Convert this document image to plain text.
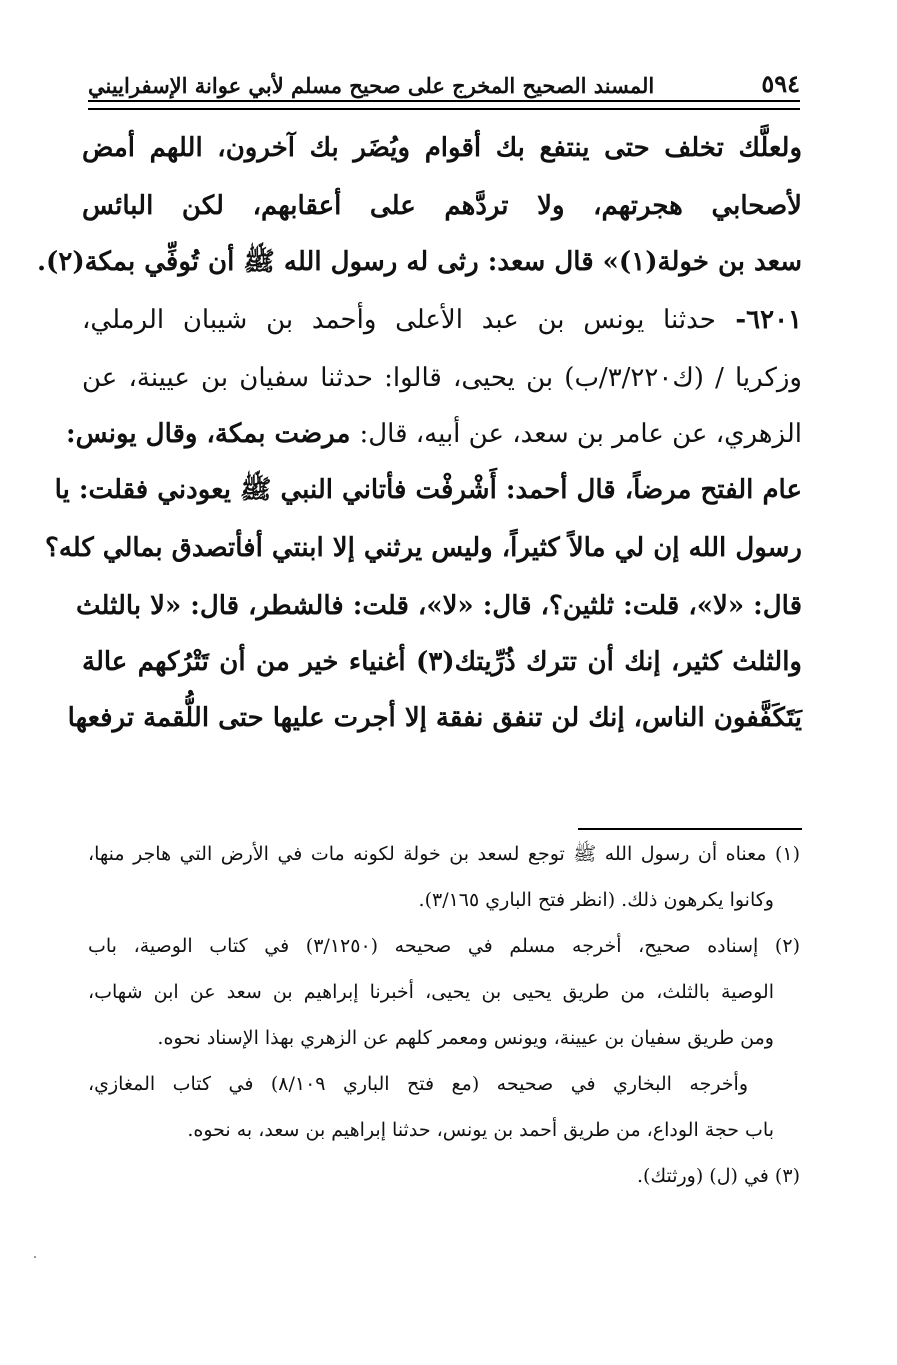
المسند الصحيح المخرج على صحيح مسلم لأبي عوانة الإسفراييني	٥٩٤
ولعلَّك تخلف حتى ينتفع بك أقوام ويُضَر بك آخرون، اللهم أمض
لأصحابي هجرتهم، ولا تردَّهم على أعقابهم، لكن البائس
سعد بن خولة(١)» قال سعد: رثى له رسول الله ﷺ أن تُوفِّي بمكة(٢).
٦٢٠١- حدثنا يونس بن عبد الأعلى وأحمد بن شيبان الرملي،
وزكريا / (ك٣/٢٢٠/ب) بن يحيى، قالوا: حدثنا سفيان بن عيينة، عن
الزهري، عن عامر بن سعد، عن أبيه، قال: مرضت بمكة، وقال يونس:
عام الفتح مرضاً، قال أحمد: أَشْرفْت فأتاني النبي ﷺ يعودني فقلت: يا
رسول الله إن لي مالاً كثيراً، وليس يرثني إلا ابنتي أفأتصدق بمالي كله؟
قال: «لا»، قلت: ثلثين؟، قال: «لا»، قلت: فالشطر، قال: «لا بالثلث
والثلث كثير، إنك أن تترك ذُرِّيتك(٣) أغنياء خير من أن تَتْرُكهم عالة
يَتَكَفَّفون الناس، إنك لن تنفق نفقة إلا أجرت عليها حتى اللُّقمة ترفعها
(١) معناه أن رسول الله ﷺ توجع لسعد بن خولة لكونه مات في الأرض التي هاجر منها،
وكانوا يكرهون ذلك. (انظر فتح الباري ٣/١٦٥).
(٢) إسناده صحيح، أخرجه مسلم في صحيحه (٣/١٢٥٠) في كتاب الوصية، باب
الوصية بالثلث، من طريق يحيى بن يحيى، أخبرنا إبراهيم بن سعد عن ابن شهاب،
ومن طريق سفيان بن عيينة، ويونس ومعمر كلهم عن الزهري بهذا الإسناد نحوه.
وأخرجه البخاري في صحيحه (مع فتح الباري ٨/١٠٩) في كتاب المغازي،
باب حجة الوداع، من طريق أحمد بن يونس، حدثنا إبراهيم بن سعد، به نحوه.
(٣) في (ل) (ورثتك).
